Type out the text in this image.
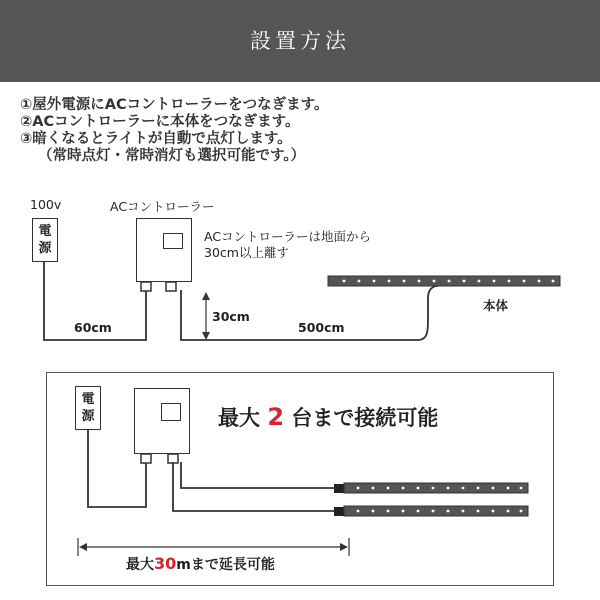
設置方法
①屋外電源にACコントローラーをつなぎます。
②ACコントローラーに本体をつなぎます。
③暗くなるとライトが自動で点灯します。
（常時点灯・常時消灯も選択可能です。）
100v
電源
ACコントローラー
ACコントローラーは地面から
30cm以上離す
30cm
60cm	500cm
本体
電源	最大 2 台まで接続可能
最大30mまで延長可能
